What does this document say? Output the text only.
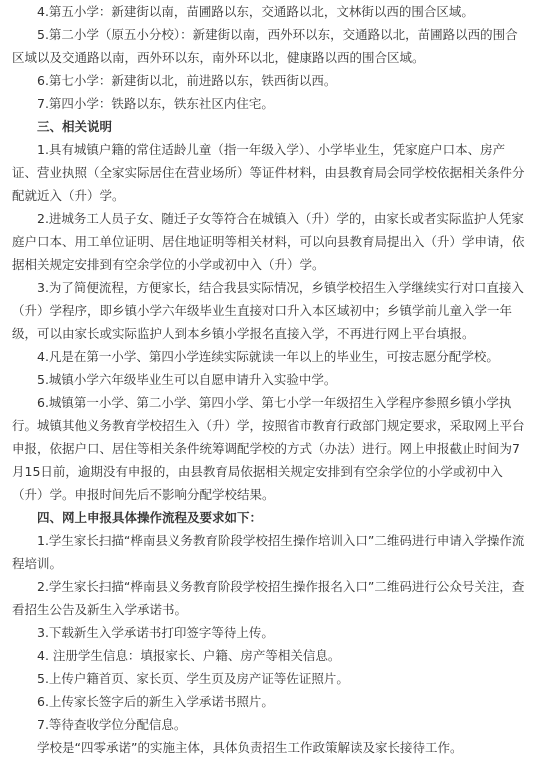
4.第五小学：新建街以南，苗圃路以东，交通路以北，文林街以西的围合区域。

5.第二小学（原五小分校）：新建街以南，西外环以东，交通路以北，苗圃路以西的围合区域以及交通路以南，西外环以东，南外环以北，健康路以西的围合区域。

6.第七小学：新建街以北，前进路以东，铁西街以西。

7.第四小学：铁路以东，铁东社区内住宅。

三、相关说明

1.具有城镇户籍的常住适龄儿童（指一年级入学）、小学毕业生，凭家庭户口本、房产证、营业执照（全家实际居住在营业场所）等证件材料，由县教育局会同学校依据相关条件分配就近入（升）学。

2.进城务工人员子女、随迁子女等符合在城镇入（升）学的，由家长或者实际监护人凭家庭户口本、用工单位证明、居住地证明等相关材料，可以向县教育局提出入（升）学申请，依据相关规定安排到有空余学位的小学或初中入（升）学。

3.为了简便流程，方便家长，结合我县实际情况，乡镇学校招生入学继续实行对口直接入（升）学程序，即乡镇小学六年级毕业生直接对口升入本区域初中；乡镇学前儿童入学一年级，可以由家长或实际监护人到本乡镇小学报名直接入学，不再进行网上平台填报。

4.凡是在第一小学、第四小学连续实际就读一年以上的毕业生，可按志愿分配学校。

5.城镇小学六年级毕业生可以自愿申请升入实验中学。

6.城镇第一小学、第二小学、第四小学、第七小学一年级招生入学程序参照乡镇小学执行。城镇其他义务教育学校招生入（升）学，按照省市教育行政部门规定要求，采取网上平台申报，依据户口、居住等相关条件统筹调配学校的方式（办法）进行。网上申报截止时间为7月15日前，逾期没有申报的，由县教育局依据相关规定安排到有空余学位的小学或初中入（升）学。申报时间先后不影响分配学校结果。

四、网上申报具体操作流程及要求如下：

1.学生家长扫描“桦南县义务教育阶段学校招生操作培训入口”二维码进行申请入学操作流程培训。

2.学生家长扫描“桦南县义务教育阶段学校招生操作报名入口”二维码进行公众号关注，查看招生公告及新生入学承诺书。

3.下载新生入学承诺书打印签字等待上传。

4. 注册学生信息：填报家长、户籍、房产等相关信息。

5.上传户籍首页、家长页、学生页及房产证等佐证照片。

6.上传家长签字后的新生入学承诺书照片。

7.等待查收学位分配信息。

学校是“四零承诺”的实施主体，具体负责招生工作政策解读及家长接待工作。
